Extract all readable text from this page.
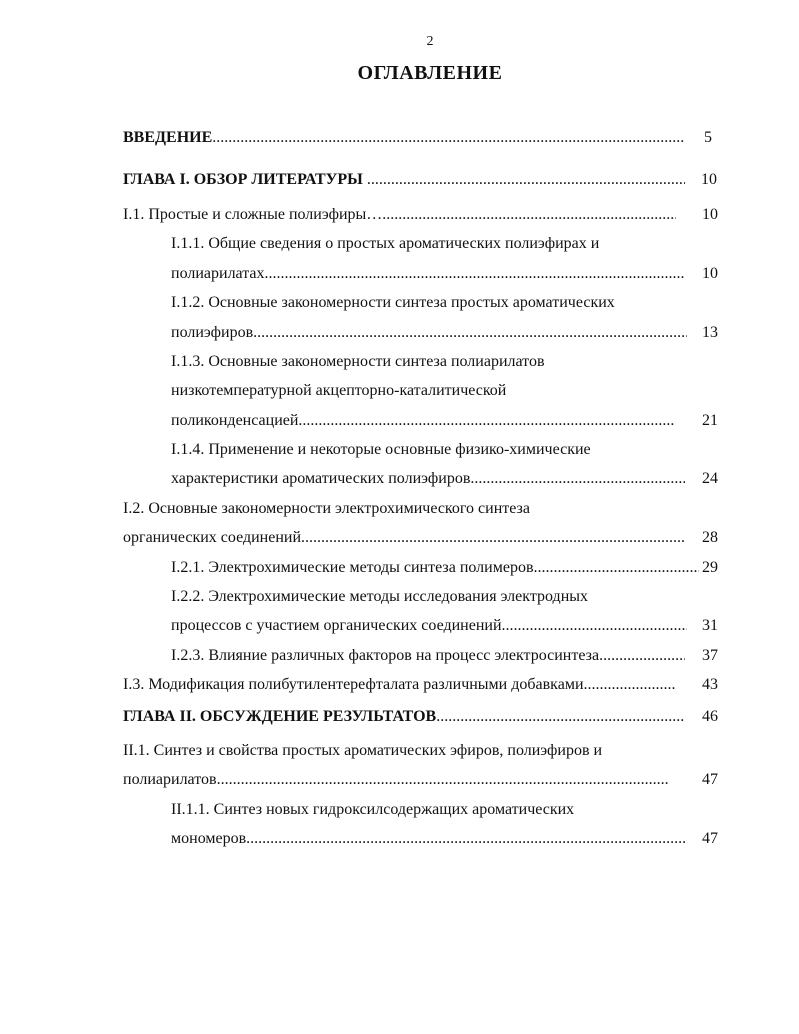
2
ОГЛАВЛЕНИЕ
ВВЕДЕНИЕ .....	5
ГЛАВА I. ОБЗОР ЛИТЕРАТУРЫ .....	10
I.1. Простые и сложные полиэфиры….. .....	10
I.1.1. Общие сведения о простых ароматических полиэфирах и
полиарилатах .....	10
I.1.2. Основные закономерности синтеза простых ароматических
полиэфиров .....	13
I.1.3. Основные закономерности синтеза полиарилатов
низкотемпературной акцепторно-каталитической
поликонденсацией .....	21
I.1.4. Применение и некоторые основные физико-химические
характеристики ароматических полиэфиров .....	24
I.2. Основные закономерности электрохимического синтеза
органических соединений .....	28
I.2.1. Электрохимические методы синтеза полимеров .....	29
I.2.2. Электрохимические методы исследования электродных
процессов с участием органических соединений .....	31
I.2.3. Влияние различных факторов на процесс электросинтеза .....	37
I.3. Модификация полибутилентерефталата различными добавками .....	43
ГЛАВА II. ОБСУЖДЕНИЕ РЕЗУЛЬТАТОВ .....	46
II.1. Синтез и свойства простых ароматических эфиров, полиэфиров и
полиарилатов .....	47
II.1.1. Синтез новых гидроксилсодержащих ароматических
мономеров .....	47
